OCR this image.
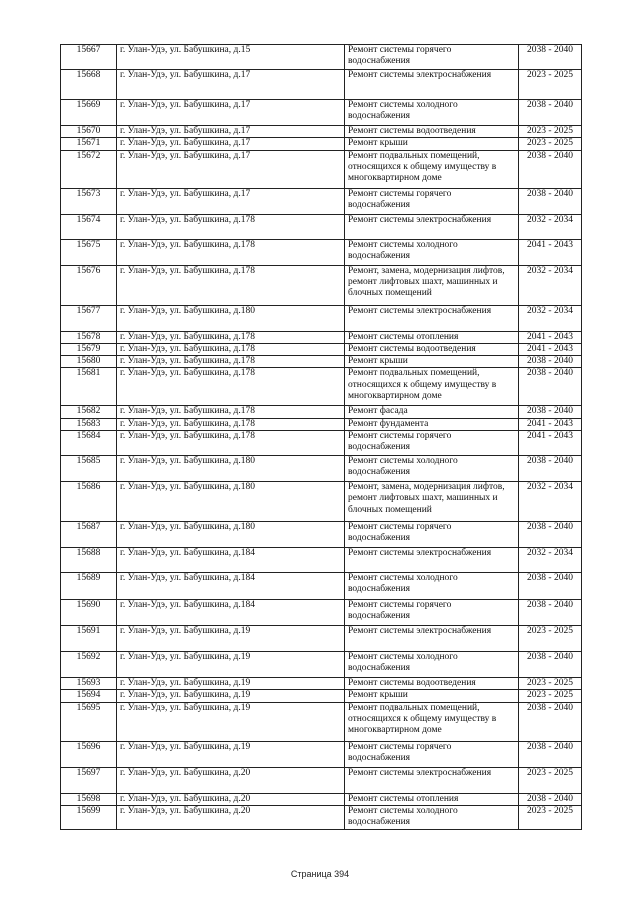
15667	г. Улан-Удэ, ул. Бабушкина, д.15	Ремонт системы горячего водоснабжения	2038 - 2040
15668	г. Улан-Удэ, ул. Бабушкина, д.17	Ремонт системы электроснабжения	2023 - 2025
15669	г. Улан-Удэ, ул. Бабушкина, д.17	Ремонт системы холодного водоснабжения	2038 - 2040
15670	г. Улан-Удэ, ул. Бабушкина, д.17	Ремонт системы водоотведения	2023 - 2025
15671	г. Улан-Удэ, ул. Бабушкина, д.17	Ремонт крыши	2023 - 2025
15672	г. Улан-Удэ, ул. Бабушкина, д.17	Ремонт подвальных помещений, относящихся к общему имуществу в многоквартирном доме	2038 - 2040
15673	г. Улан-Удэ, ул. Бабушкина, д.17	Ремонт системы горячего водоснабжения	2038 - 2040
15674	г. Улан-Удэ, ул. Бабушкина, д.178	Ремонт системы электроснабжения	2032 - 2034
15675	г. Улан-Удэ, ул. Бабушкина, д.178	Ремонт системы холодного водоснабжения	2041 - 2043
15676	г. Улан-Удэ, ул. Бабушкина, д.178	Ремонт, замена, модернизация лифтов, ремонт лифтовых шахт, машинных и блочных помещений	2032 - 2034
15677	г. Улан-Удэ, ул. Бабушкина, д.180	Ремонт системы электроснабжения	2032 - 2034
15678	г. Улан-Удэ, ул. Бабушкина, д.178	Ремонт системы отопления	2041 - 2043
15679	г. Улан-Удэ, ул. Бабушкина, д.178	Ремонт системы водоотведения	2041 - 2043
15680	г. Улан-Удэ, ул. Бабушкина, д.178	Ремонт крыши	2038 - 2040
15681	г. Улан-Удэ, ул. Бабушкина, д.178	Ремонт подвальных помещений, относящихся к общему имуществу в многоквартирном доме	2038 - 2040
15682	г. Улан-Удэ, ул. Бабушкина, д.178	Ремонт фасада	2038 - 2040
15683	г. Улан-Удэ, ул. Бабушкина, д.178	Ремонт фундамента	2041 - 2043
15684	г. Улан-Удэ, ул. Бабушкина, д.178	Ремонт системы горячего водоснабжения	2041 - 2043
15685	г. Улан-Удэ, ул. Бабушкина, д.180	Ремонт системы холодного водоснабжения	2038 - 2040
15686	г. Улан-Удэ, ул. Бабушкина, д.180	Ремонт, замена, модернизация лифтов, ремонт лифтовых шахт, машинных и блочных помещений	2032 - 2034
15687	г. Улан-Удэ, ул. Бабушкина, д.180	Ремонт системы горячего водоснабжения	2038 - 2040
15688	г. Улан-Удэ, ул. Бабушкина, д.184	Ремонт системы электроснабжения	2032 - 2034
15689	г. Улан-Удэ, ул. Бабушкина, д.184	Ремонт системы холодного водоснабжения	2038 - 2040
15690	г. Улан-Удэ, ул. Бабушкина, д.184	Ремонт системы горячего водоснабжения	2038 - 2040
15691	г. Улан-Удэ, ул. Бабушкина, д.19	Ремонт системы электроснабжения	2023 - 2025
15692	г. Улан-Удэ, ул. Бабушкина, д.19	Ремонт системы холодного водоснабжения	2038 - 2040
15693	г. Улан-Удэ, ул. Бабушкина, д.19	Ремонт системы водоотведения	2023 - 2025
15694	г. Улан-Удэ, ул. Бабушкина, д.19	Ремонт крыши	2023 - 2025
15695	г. Улан-Удэ, ул. Бабушкина, д.19	Ремонт подвальных помещений, относящихся к общему имуществу в многоквартирном доме	2038 - 2040
15696	г. Улан-Удэ, ул. Бабушкина, д.19	Ремонт системы горячего водоснабжения	2038 - 2040
15697	г. Улан-Удэ, ул. Бабушкина, д.20	Ремонт системы электроснабжения	2023 - 2025
15698	г. Улан-Удэ, ул. Бабушкина, д.20	Ремонт системы отопления	2038 - 2040
15699	г. Улан-Удэ, ул. Бабушкина, д.20	Ремонт системы холодного водоснабжения	2023 - 2025
Страница 394
